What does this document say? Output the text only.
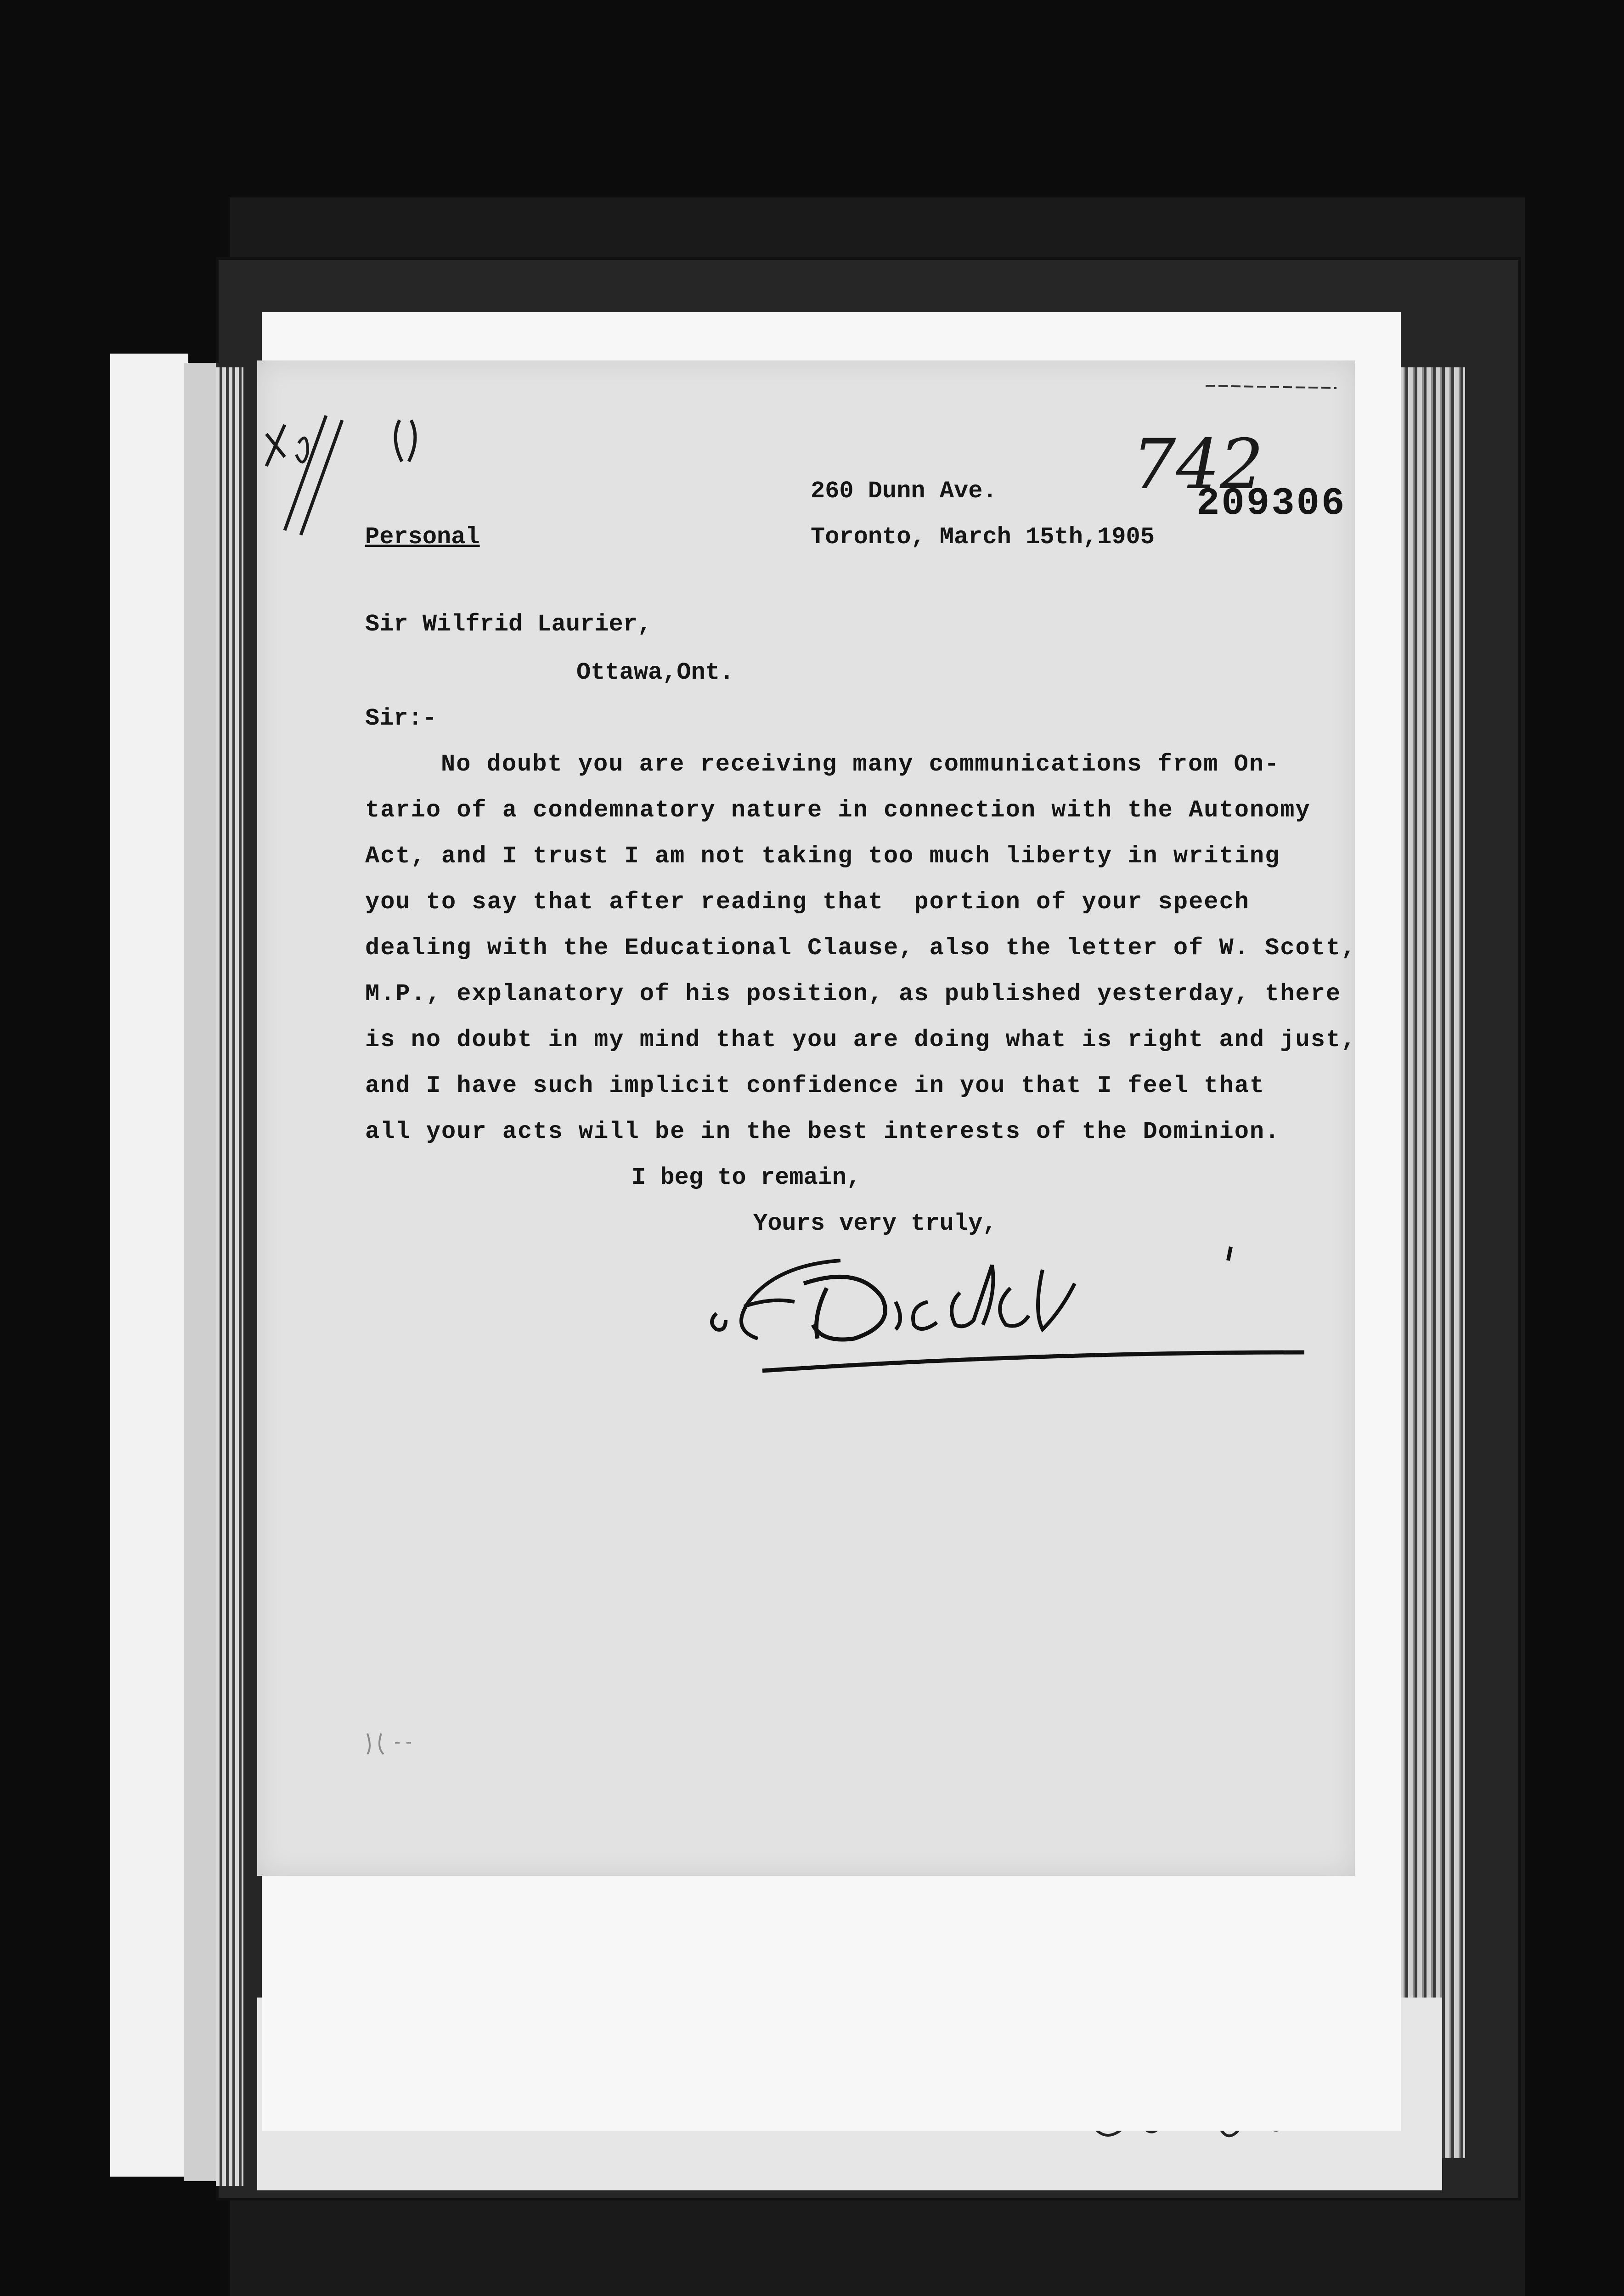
742
209306
Personal
260 Dunn Ave.
Toronto, March 15th,1905
Sir Wilfrid Laurier,
Ottawa,Ont.
Sir:-
No doubt you are receiving many communications from On-
tario of a condemnatory nature in connection with the Autonomy
Act, and I trust I am not taking too much liberty in writing
you to say that after reading that  portion of your speech
dealing with the Educational Clause, also the letter of W. Scott,
M.P., explanatory of his position, as published yesterday, there
is no doubt in my mind that you are doing what is right and just,
and I have such implicit confidence in you that I feel that
all your acts will be in the best interests of the Dominion.
I beg to remain,
Yours very truly,
